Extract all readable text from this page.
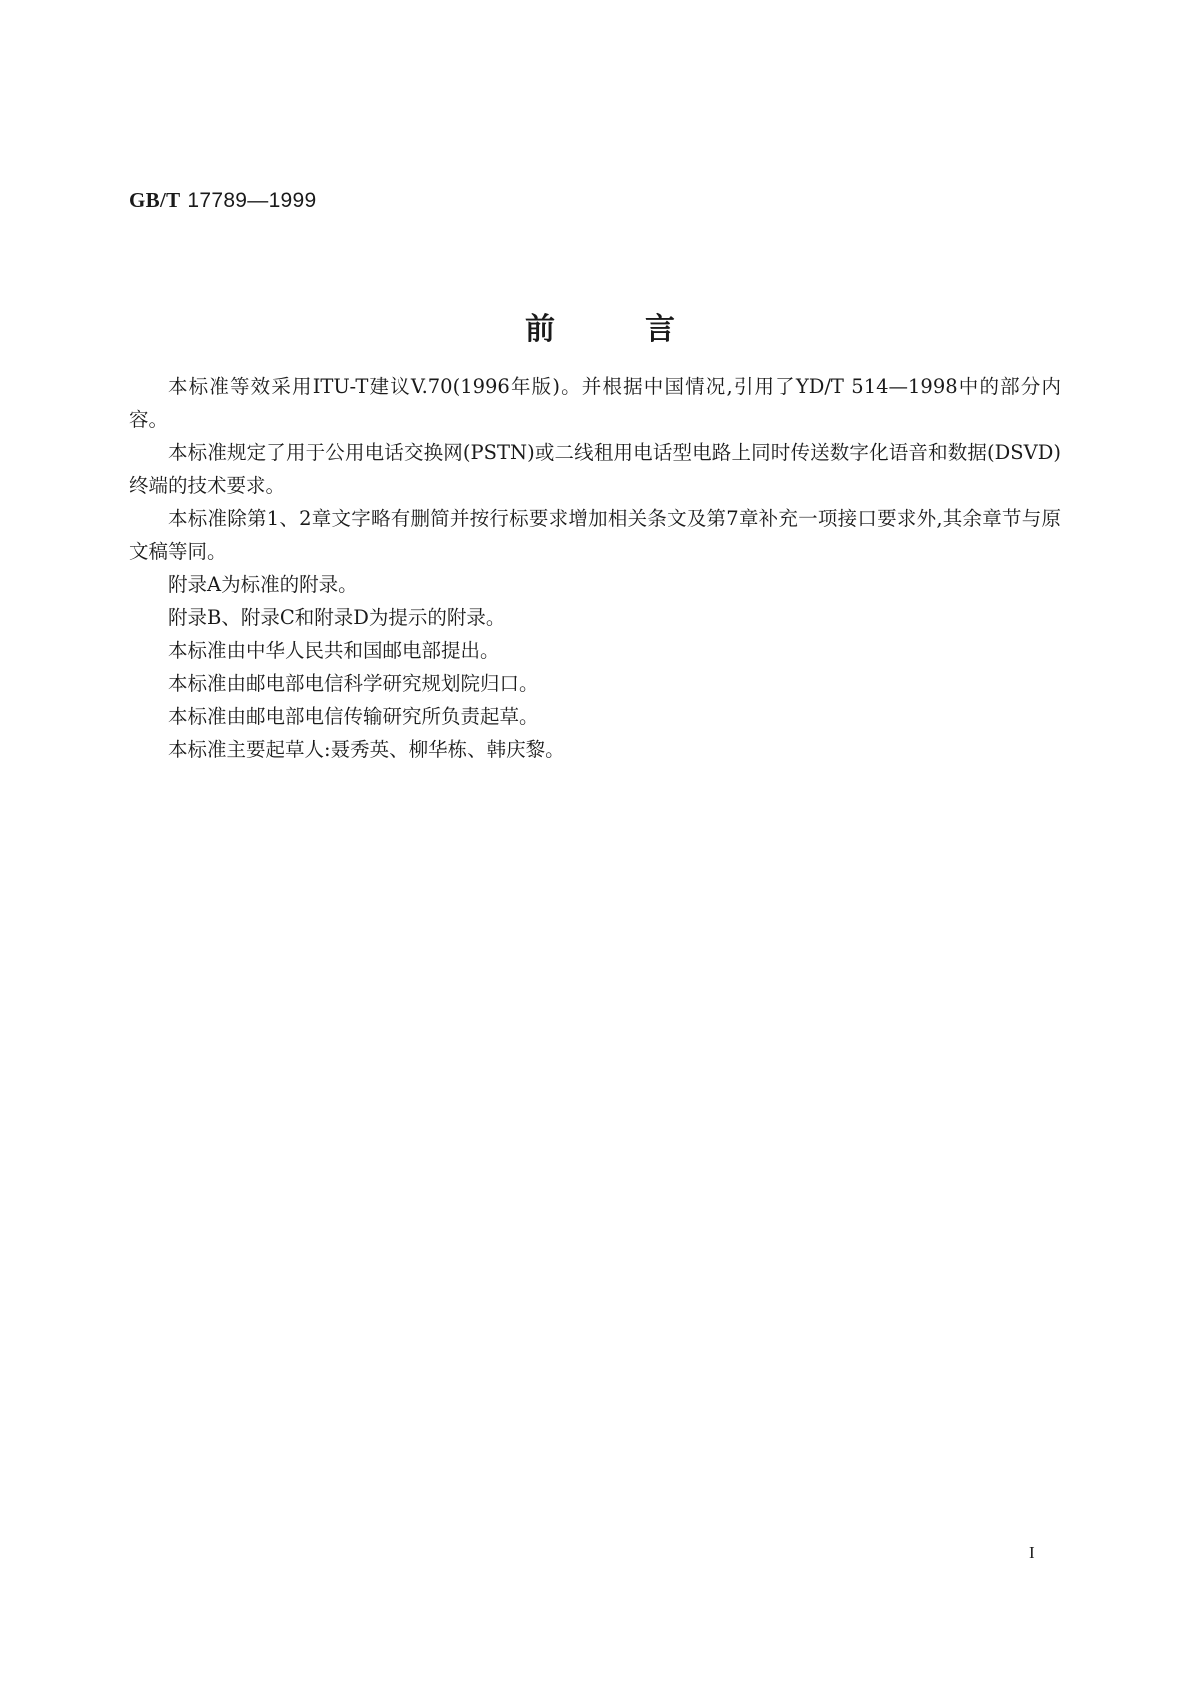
GB/T 17789—1999
前	言

本标准等效采用ITU-T建议V.70(1996年版)。并根据中国情况,引用了YD/T 514—1998中的部分内容。

本标准规定了用于公用电话交换网(PSTN)或二线租用电话型电路上同时传送数字化语音和数据(DSVD)终端的技术要求。

本标准除第1、2章文字略有删简并按行标要求增加相关条文及第7章补充一项接口要求外,其余章节与原文稿等同。

附录A为标准的附录。

附录B、附录C和附录D为提示的附录。

本标准由中华人民共和国邮电部提出。

本标准由邮电部电信科学研究规划院归口。

本标准由邮电部电信传输研究所负责起草。

本标准主要起草人:聂秀英、柳华栋、韩庆黎。

I
